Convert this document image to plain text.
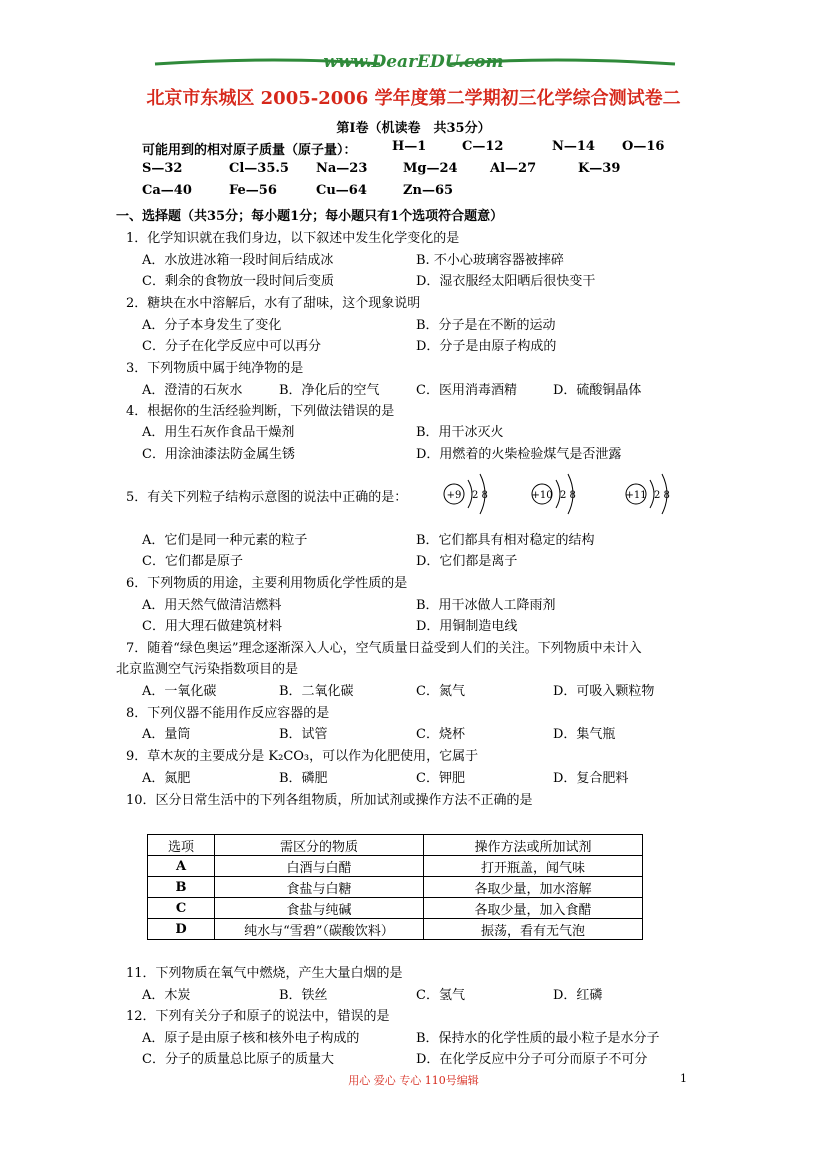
www.DearEDU.com
北京市东城区 2005-2006 学年度第二学期初三化学综合测试卷二
第Ⅰ卷（机读卷　共35分）
可能用到的相对原子质量（原子量）：	H—1	C—12	N—14 O—16
S—32	Cl—35.5 Na—23	Mg—24 Al—27	K—39
Ca—40	Fe—56	Cu—64	Zn—65
一、选择题（共35分；每小题1分；每小题只有1个选项符合题意）
1．化学知识就在我们身边，以下叙述中发生化学变化的是
A．水放进冰箱一段时间后结成冰	B. 不小心玻璃容器被摔碎
C．剩余的食物放一段时间后变质	D．湿衣服经太阳晒后很快变干
2．糖块在水中溶解后，水有了甜味，这个现象说明
A．分子本身发生了变化	B．分子是在不断的运动
C．分子在化学反应中可以再分	D．分子是由原子构成的
3．下列物质中属于纯净物的是
A．澄清的石灰水	B．净化后的空气	C．医用消毒酒精	D．硫酸铜晶体
4．根据你的生活经验判断，下列做法错误的是
A．用生石灰作食品干燥剂	B．用干冰灭火
C．用涂油漆法防金属生锈	D．用燃着的火柴检验煤气是否泄露
5．有关下列粒子结构示意图的说法中正确的是：	+9 2 8	+10 2 8	+11 2 8
A．它们是同一种元素的粒子	B．它们都具有相对稳定的结构
C．它们都是原子	D．它们都是离子
6．下列物质的用途，主要利用物质化学性质的是
A．用天然气做清洁燃料	B．用干冰做人工降雨剂
C．用大理石做建筑材料	D．用铜制造电线
7．随着“绿色奥运”理念逐渐深入人心，空气质量日益受到人们的关注。下列物质中未计入
北京监测空气污染指数项目的是
A．一氧化碳	B．二氧化碳	C．氮气	D．可吸入颗粒物
8．下列仪器不能用作反应容器的是
A．量筒	B．试管	C．烧杯	D．集气瓶
9．草木灰的主要成分是 K₂CO₃，可以作为化肥使用，它属于
A．氮肥	B．磷肥	C．钾肥	D．复合肥料
10．区分日常生活中的下列各组物质，所加试剂或操作方法不正确的是
选项	需区分的物质	操作方法或所加试剂
A	白酒与白醋	打开瓶盖，闻气味
B	食盐与白糖	各取少量，加水溶解
C	食盐与纯碱	各取少量，加入食醋
D	纯水与“雪碧”（碳酸饮料）	振荡，看有无气泡
11．下列物质在氧气中燃烧，产生大量白烟的是
A．木炭	B．铁丝	C．氢气	D．红磷
12．下列有关分子和原子的说法中，错误的是
A．原子是由原子核和核外电子构成的	B．保持水的化学性质的最小粒子是水分子
C．分子的质量总比原子的质量大	D．在化学反应中分子可分而原子不可分
用心 爱心 专心 110号编辑	1
